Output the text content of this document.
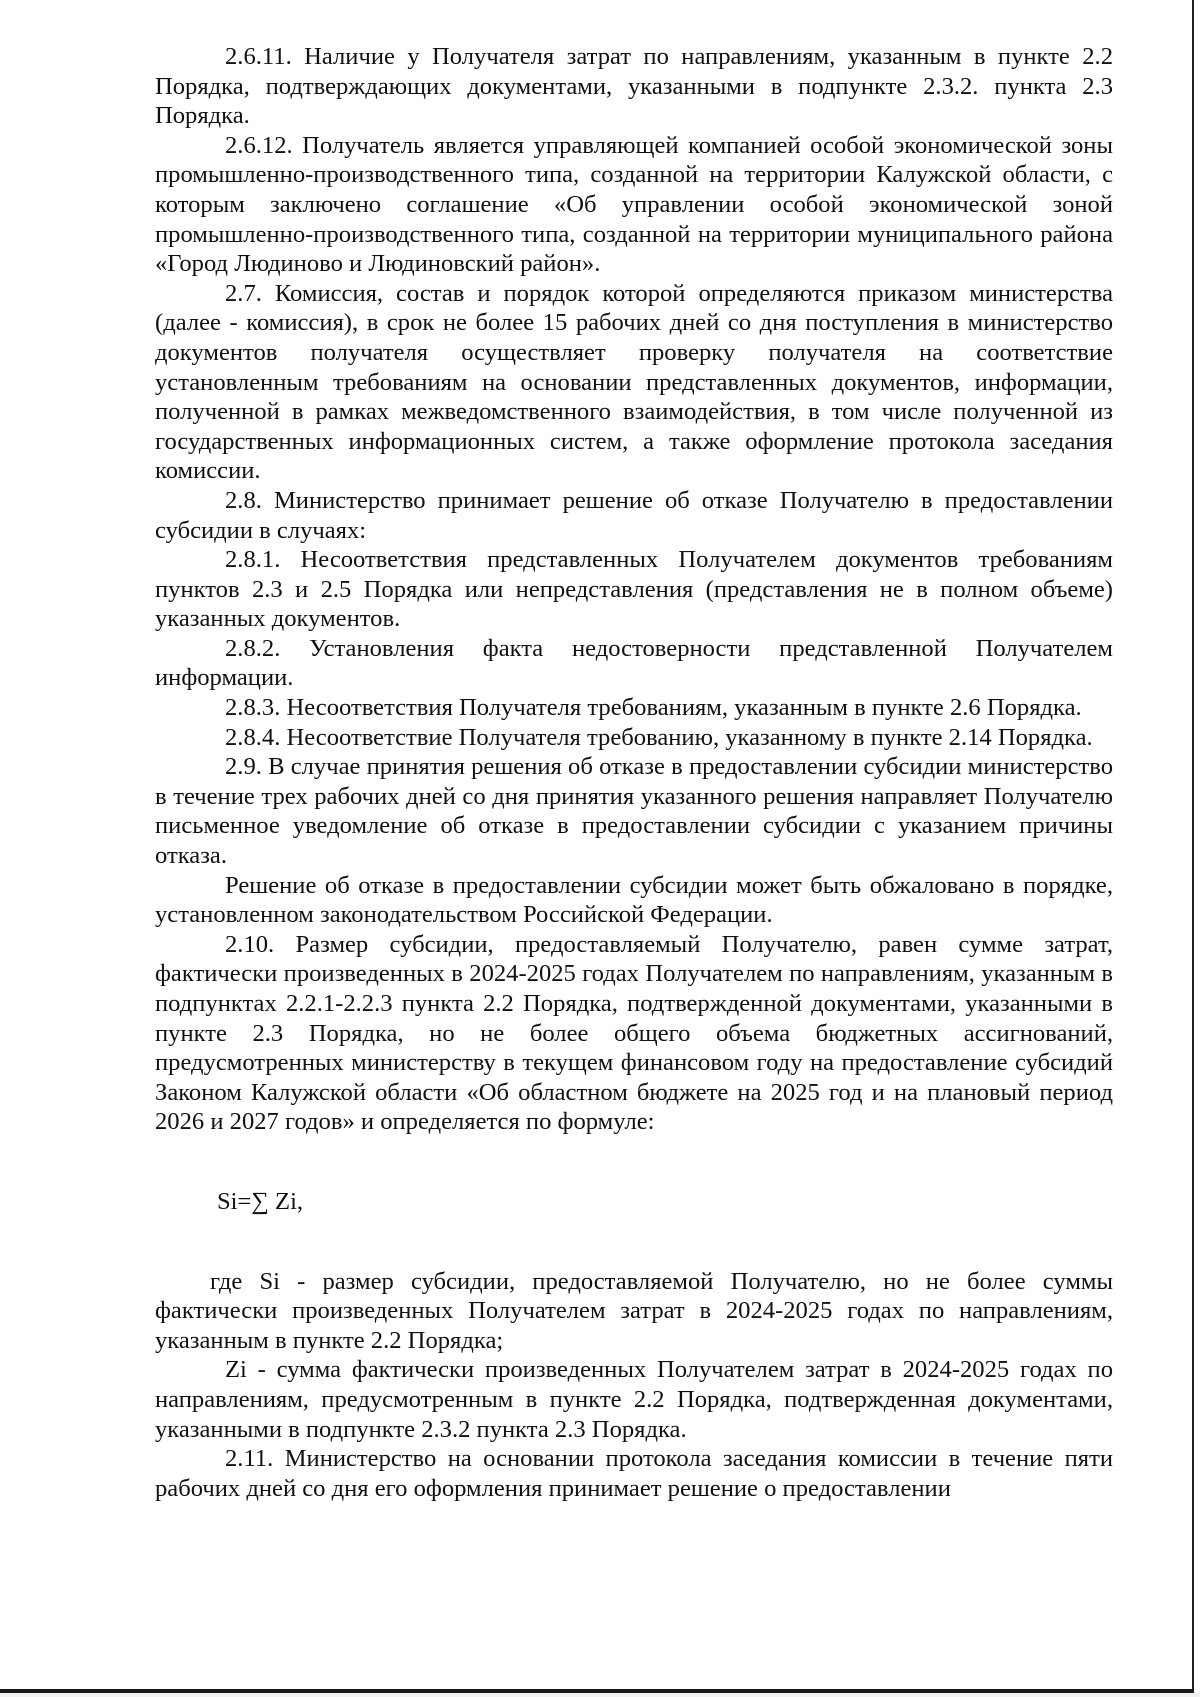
2.6.11. Наличие у Получателя затрат по направлениям, указанным в пункте 2.2 Порядка, подтверждающих документами, указанными в подпункте 2.3.2. пункта 2.3 Порядка.

2.6.12. Получатель является управляющей компанией особой экономической зоны промышленно-производственного типа, созданной на территории Калужской области, с которым заключено соглашение «Об управлении особой экономической зоной промышленно-производственного типа, созданной на территории муниципального района «Город Людиново и Людиновский район».

2.7. Комиссия, состав и порядок которой определяются приказом министерства (далее - комиссия), в срок не более 15 рабочих дней со дня поступления в министерство документов получателя осуществляет проверку получателя на соответствие установленным требованиям на основании представленных документов, информации, полученной в рамках межведомственного взаимодействия, в том числе полученной из государственных информационных систем, а также оформление протокола заседания комиссии.

2.8. Министерство принимает решение об отказе Получателю в предоставлении субсидии в случаях:

2.8.1. Несоответствия представленных Получателем документов требованиям пунктов 2.3 и 2.5 Порядка или непредставления (представления не в полном объеме) указанных документов.

2.8.2. Установления факта недостоверности представленной Получателем информации.

2.8.3. Несоответствия Получателя требованиям, указанным в пункте 2.6 Порядка.

2.8.4. Несоответствие Получателя требованию, указанному в пункте 2.14 Порядка.

2.9. В случае принятия решения об отказе в предоставлении субсидии министерство в течение трех рабочих дней со дня принятия указанного решения направляет Получателю письменное уведомление об отказе в предоставлении субсидии с указанием причины отказа.

Решение об отказе в предоставлении субсидии может быть обжаловано в порядке, установленном законодательством Российской Федерации.

2.10. Размер субсидии, предоставляемый Получателю, равен сумме затрат, фактически произведенных в 2024-2025 годах Получателем по направлениям, указанным в подпунктах 2.2.1-2.2.3 пункта 2.2 Порядка, подтвержденной документами, указанными в пункте 2.3 Порядка, но не более общего объема бюджетных ассигнований, предусмотренных министерству в текущем финансовом году на предоставление субсидий Законом Калужской области «Об областном бюджете на 2025 год и на плановый период 2026 и 2027 годов» и определяется по формуле:

Si=∑ Zi,

где Si - размер субсидии, предоставляемой Получателю, но не более суммы фактически произведенных Получателем затрат в 2024-2025 годах по направлениям, указанным в пункте 2.2 Порядка;

Zi - сумма фактически произведенных Получателем затрат в 2024-2025 годах по направлениям, предусмотренным в пункте 2.2 Порядка, подтвержденная документами, указанными в подпункте 2.3.2 пункта 2.3 Порядка.

2.11. Министерство на основании протокола заседания комиссии в течение пяти рабочих дней со дня его оформления принимает решение о предоставлении
